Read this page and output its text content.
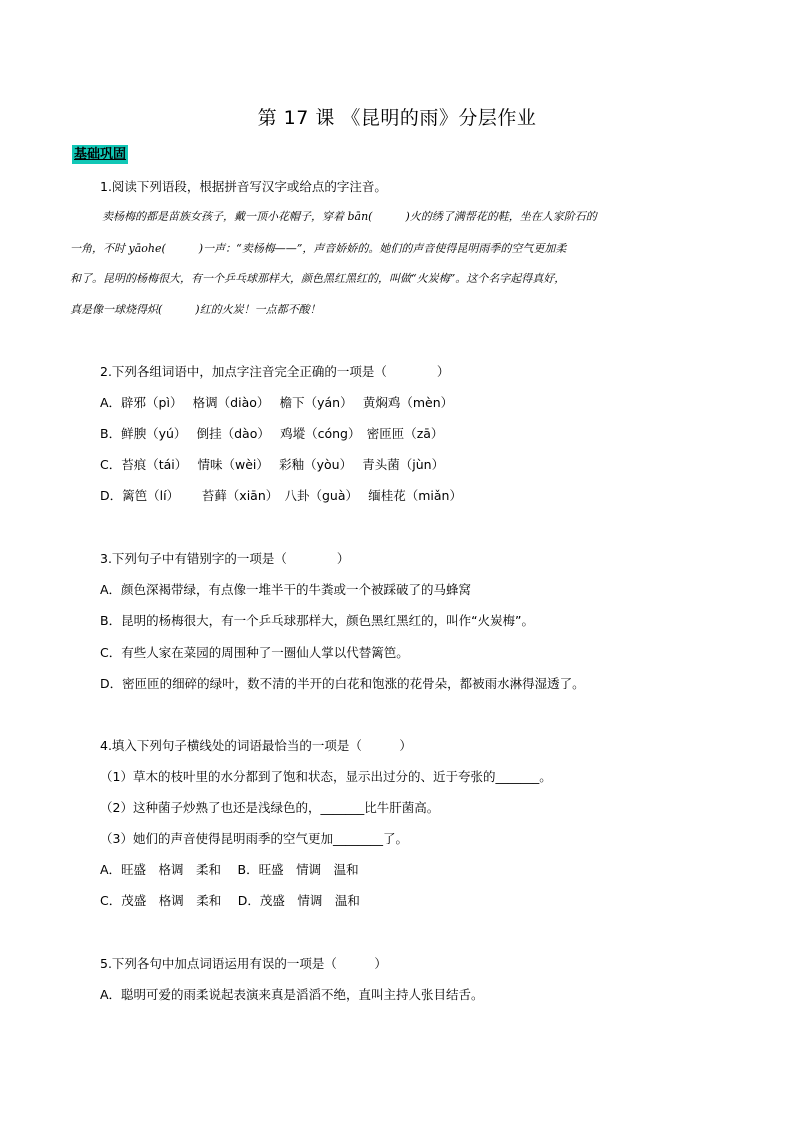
第 17 课 《昆明的雨》分层作业
基础巩固
1.阅读下列语段，根据拼音写汉字或给点的字注音。
卖杨梅的都是苗族女孩子，戴一顶小花帽子，穿着 bān(　　　)火的绣了满帮花的鞋，坐在人家阶石的
一角，不时 yāohe(　　　)一声：“卖杨梅——”，声音娇娇的。她们的声音使得昆明雨季的空气更加柔
和了。昆明的杨梅很大，有一个乒乓球那样大，颜色黑红黑红的，叫做“火炭梅”。这个名字起得真好，
真是像一球烧得炽(　　　)红的火炭！一点都不酸！
2.下列各组词语中，加点字注音完全正确的一项是（　　　　）
A．辟邪（pì）　 格调（diào）　 檐下（yán）　 黄焖鸡（mèn）
B．鲜腴（yú）　 倒挂（dào）　 鸡㙡（cóng）　密匝匝（zā）
C．苔痕（tái）　 情味（wèi）　 彩釉（yòu）　 青头菌（jùn）
D．篱笆（lí）　　 苔藓（xiān）　八卦（guà）　 缅桂花（miǎn）
3.下列句子中有错别字的一项是（　　　　）
A．颜色深褐带绿，有点像一堆半干的牛粪或一个被踩破了的马蜂窝
B．昆明的杨梅很大，有一个乒乓球那样大，颜色黑红黑红的，叫作“火炭梅”。
C．有些人家在菜园的周围种了一圈仙人掌以代替篱笆。
D．密匝匝的细碎的绿叶，数不清的半开的白花和饱涨的花骨朵，都被雨水淋得湿透了。
4.填入下列句子横线处的词语最恰当的一项是（　　　）
（1）草木的枝叶里的水分都到了饱和状态，显示出过分的、近于夸张的_______。
（2）这种菌子炒熟了也还是浅绿色的，_______比牛肝菌高。
（3）她们的声音使得昆明雨季的空气更加________了。
A．旺盛　格调　柔和　 B．旺盛　情调　温和
C．茂盛　格调　柔和　 D．茂盛　情调　温和
5.下列各句中加点词语运用有误的一项是（　　　）
A．聪明可爱的雨柔说起表演来真是滔滔不绝，直叫主持人张目结舌。
